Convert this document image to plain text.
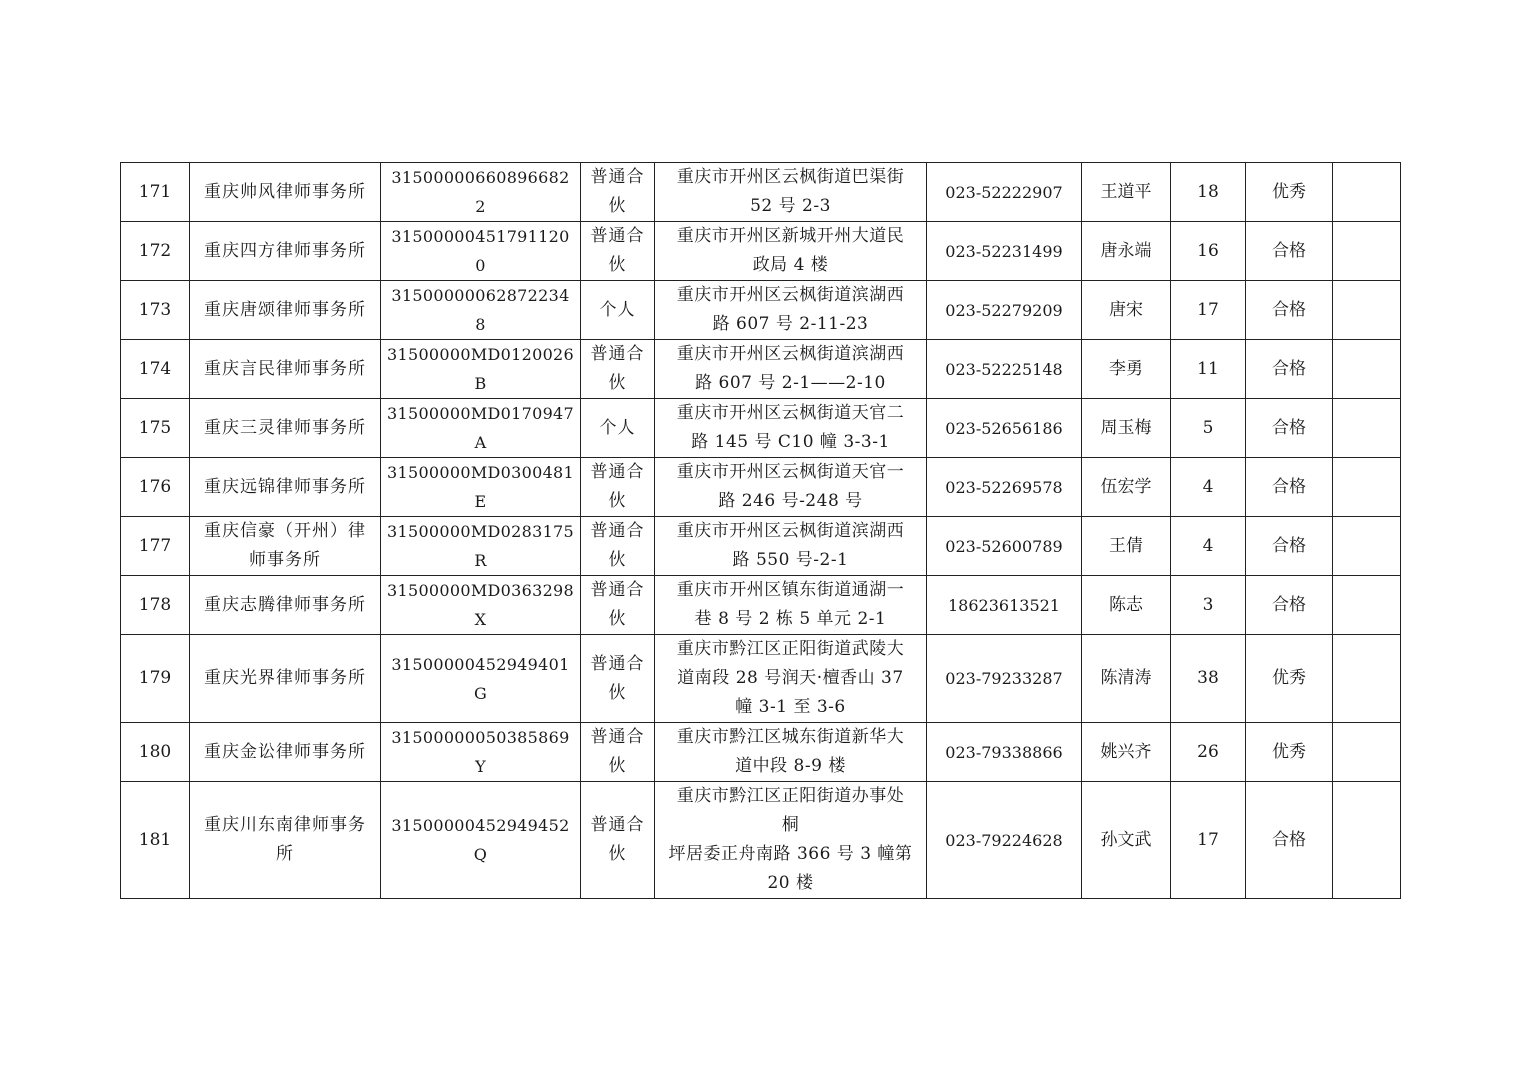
171	重庆帅风律师事务所	315000006608966822	普通合伙	重庆市开州区云枫街道巴渠街
52 号 2-3	023-52222907	王道平	18	优秀	
172	重庆四方律师事务所	315000004517911200	普通合伙	重庆市开州区新城开州大道民
政局 4 楼	023-52231499	唐永端	16	合格	
173	重庆唐颂律师事务所	315000000628722348	个人	重庆市开州区云枫街道滨湖西
路 607 号 2-11-23	023-52279209	唐宋	17	合格	
174	重庆言民律师事务所	31500000MD0120026B	普通合伙	重庆市开州区云枫街道滨湖西
路 607 号 2-1——2-10	023-52225148	李勇	11	合格	
175	重庆三灵律师事务所	31500000MD0170947A	个人	重庆市开州区云枫街道天官二
路 145 号 C10 幢 3-3-1	023-52656186	周玉梅	5	合格	
176	重庆远锦律师事务所	31500000MD0300481E	普通合伙	重庆市开州区云枫街道天官一
路 246 号-248 号	023-52269578	伍宏学	4	合格	
177	重庆信豪（开州）律师事务所	31500000MD0283175R	普通合伙	重庆市开州区云枫街道滨湖西
路 550 号-2-1	023-52600789	王倩	4	合格	
178	重庆志腾律师事务所	31500000MD0363298X	普通合伙	重庆市开州区镇东街道通湖一
巷 8 号 2 栋 5 单元 2-1	18623613521	陈志	3	合格	
179	重庆光界律师事务所	31500000452949401G	普通合伙	重庆市黔江区正阳街道武陵大
道南段 28 号润天·檀香山 37
幢 3-1 至 3-6	023-79233287	陈清涛	38	优秀	
180	重庆金讼律师事务所	31500000050385869Y	普通合伙	重庆市黔江区城东街道新华大
道中段 8-9 楼	023-79338866	姚兴齐	26	优秀	
181	重庆川东南律师事务所	31500000452949452Q	普通合伙	重庆市黔江区正阳街道办事处
桐
坪居委正舟南路 366 号 3 幢第
20 楼	023-79224628	孙文武	17	合格	
